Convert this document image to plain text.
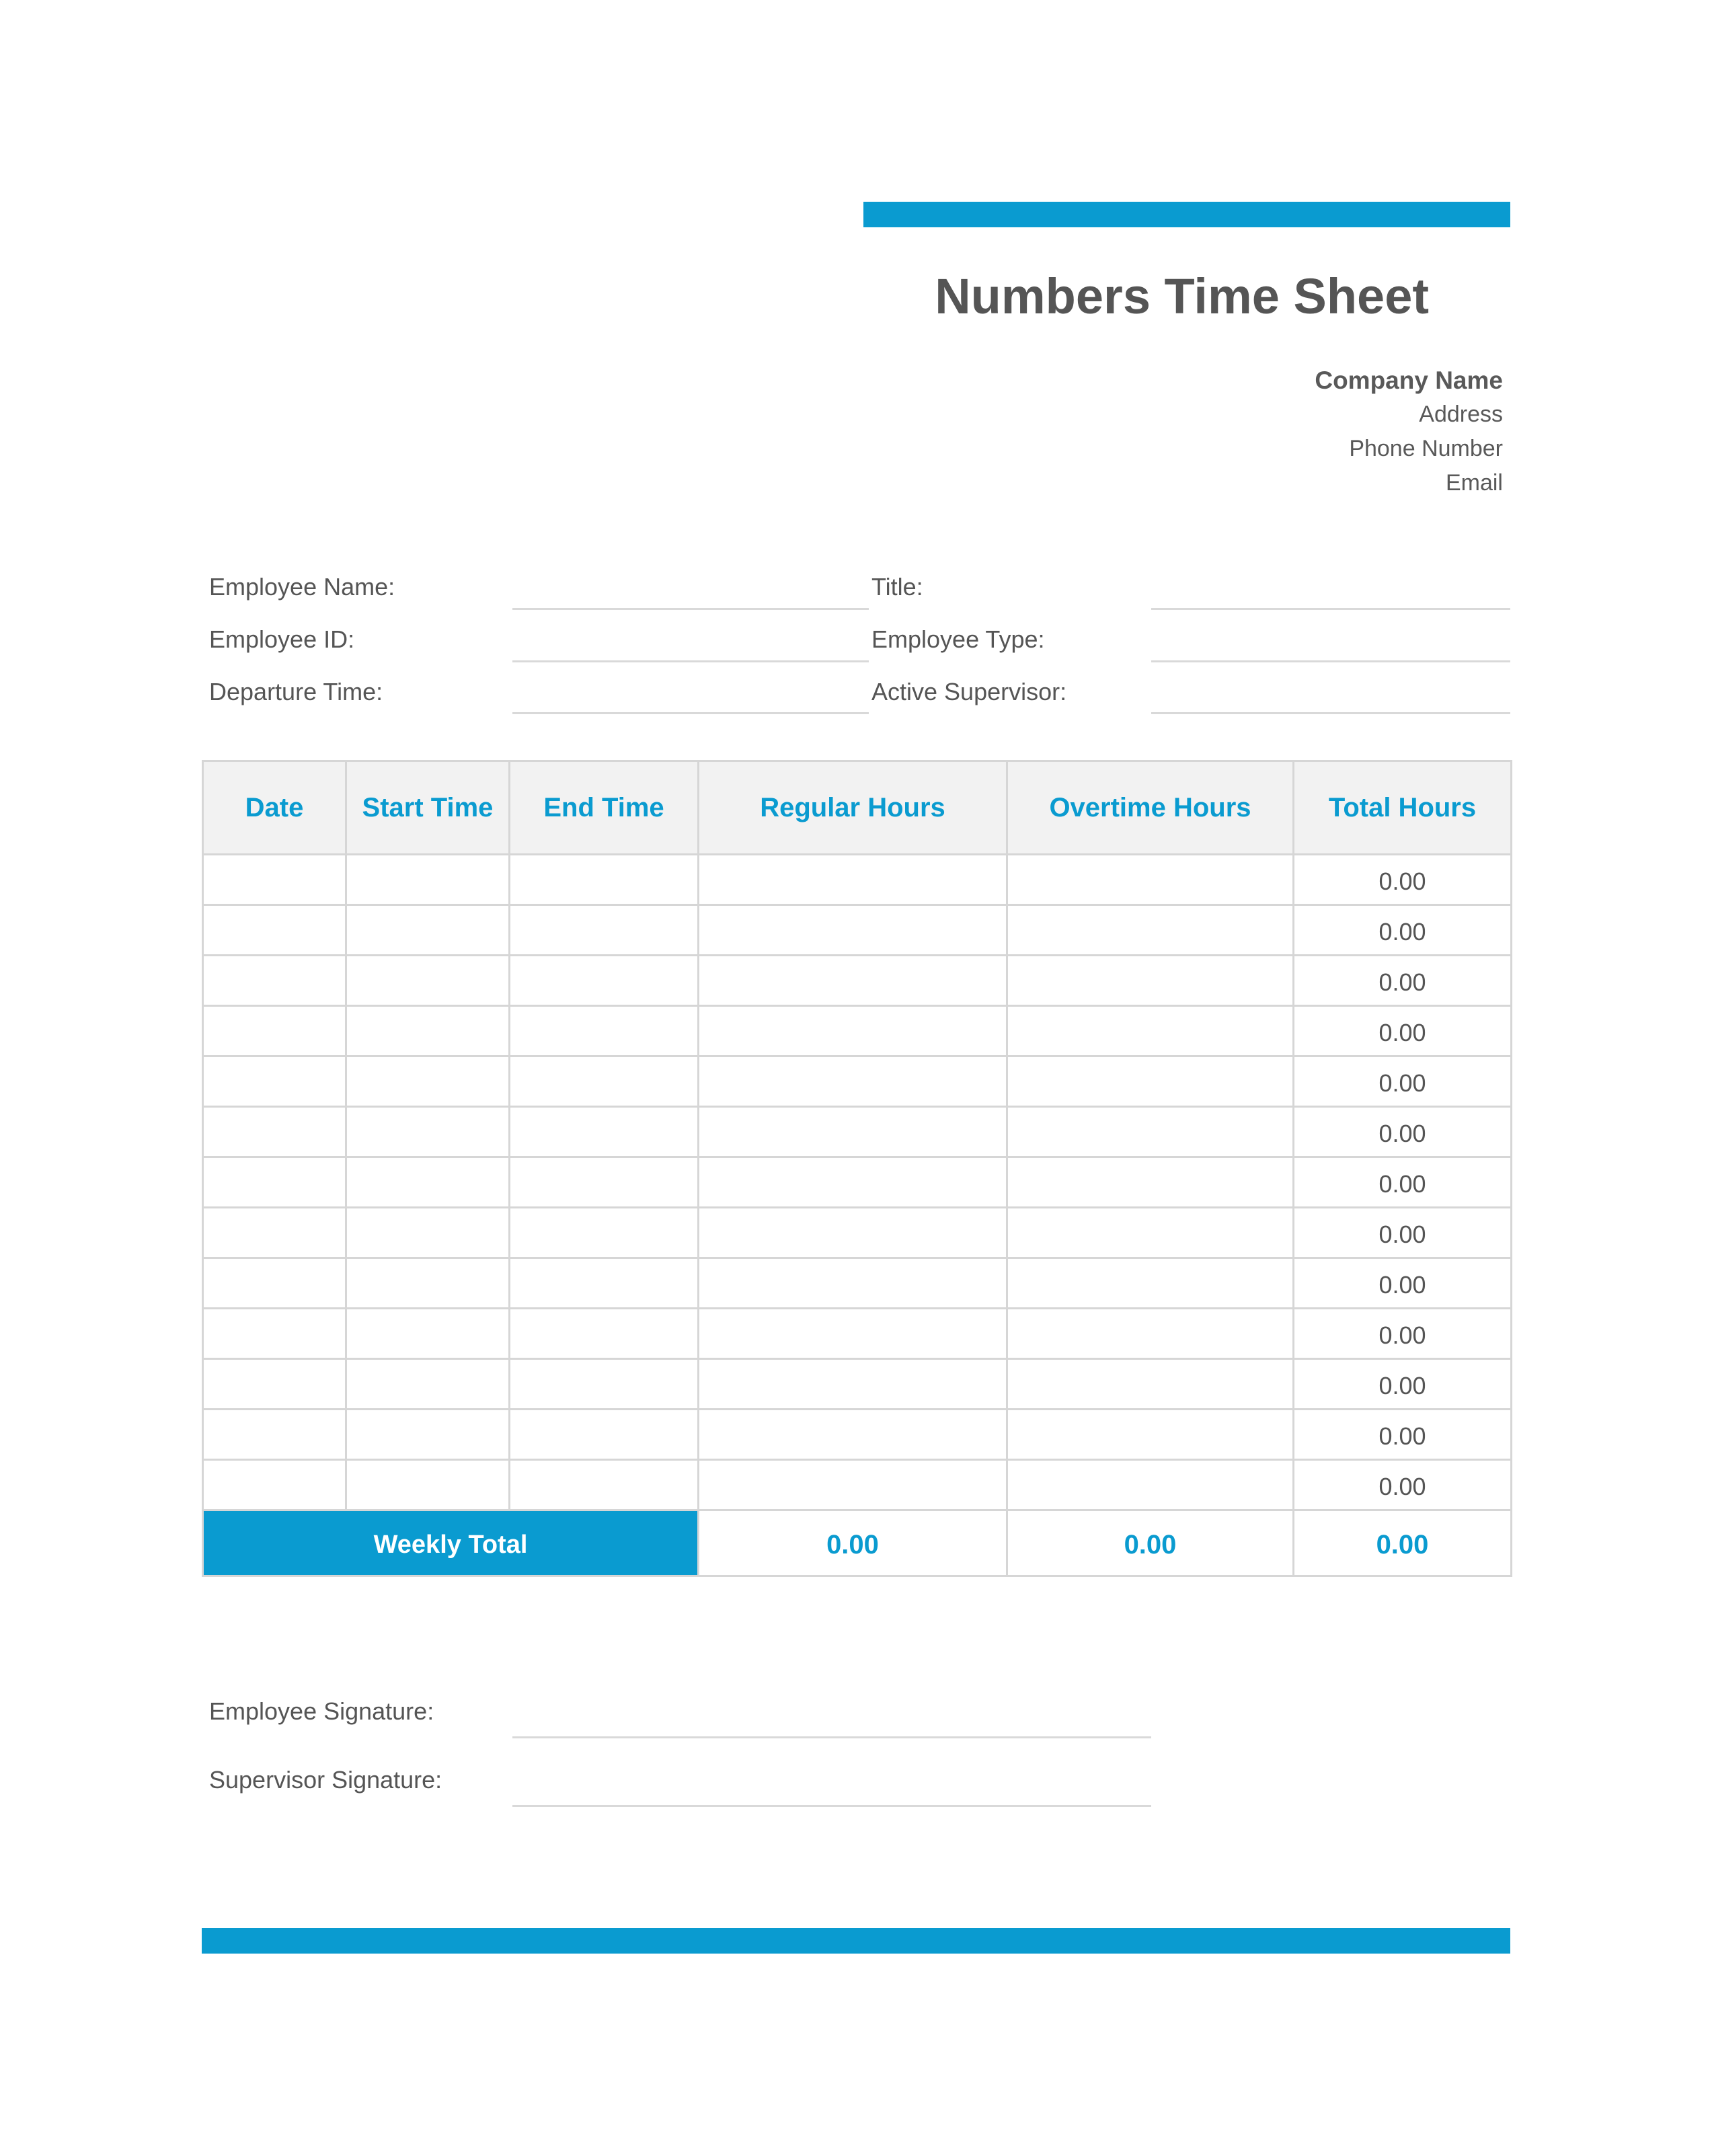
Numbers Time Sheet
Company Name
Address
Phone Number
Email
Employee Name:
Employee ID:
Departure Time:
Title:
Employee Type:
Active Supervisor:
Date	Start Time	End Time	Regular Hours	Overtime Hours	Total Hours
					0.00
					0.00
					0.00
					0.00
					0.00
					0.00
					0.00
					0.00
					0.00
					0.00
					0.00
					0.00
					0.00
Weekly Total			0.00	0.00	0.00
Employee Signature:
Supervisor Signature:
